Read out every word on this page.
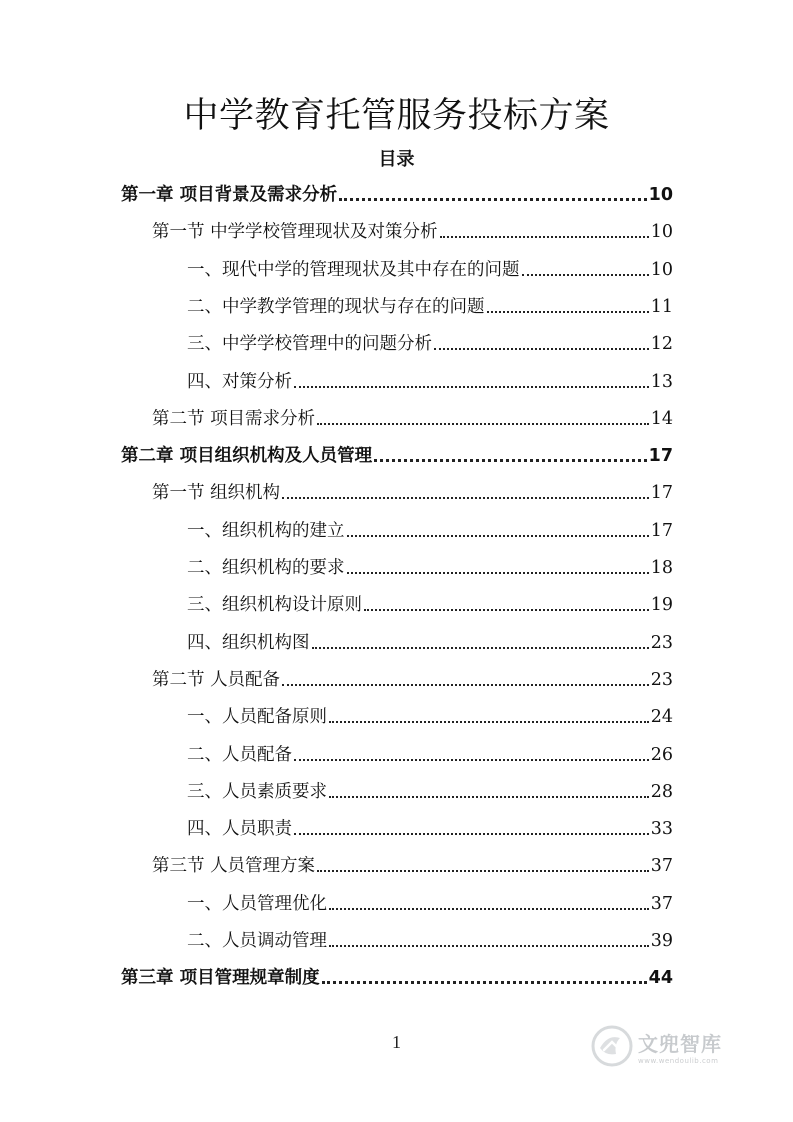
中学教育托管服务投标方案
目录
第一章 项目背景及需求分析	10
第一节 中学学校管理现状及对策分析	10
一、现代中学的管理现状及其中存在的问题	10
二、中学教学管理的现状与存在的问题	11
三、中学学校管理中的问题分析	12
四、对策分析	13
第二节 项目需求分析	14
第二章 项目组织机构及人员管理	17
第一节 组织机构	17
一、组织机构的建立	17
二、组织机构的要求	18
三、组织机构设计原则	19
四、组织机构图	23
第二节 人员配备	23
一、人员配备原则	24
二、人员配备	26
三、人员素质要求	28
四、人员职责	33
第三节 人员管理方案	37
一、人员管理优化	37
二、人员调动管理	39
第三章 项目管理规章制度	44
1	文兜智库
www.wendoulib.com
